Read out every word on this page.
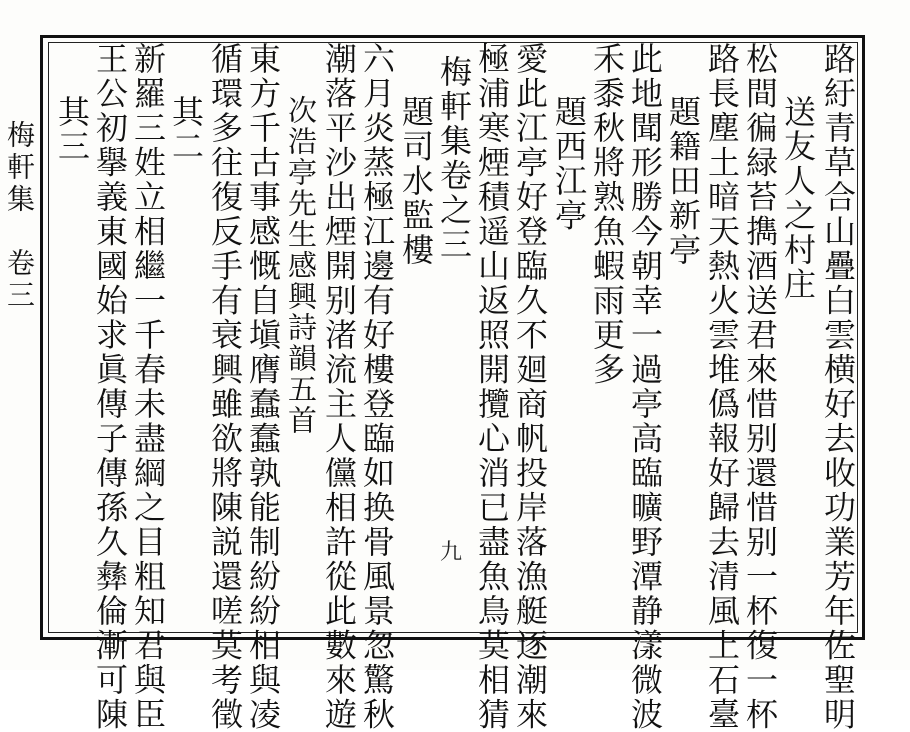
梅軒集　卷三	路紆青草合山疊白雲横好去收功業芳年佐聖明
送友人之村庄
松間徧緑苔擕酒送君來惜别還惜别一杯復一杯
路長塵土暗天熱火雲堆僞報好歸去清風上石臺
題籍田新亭
此地聞形勝今朝幸一過亭高臨曠野潭静漾微波
禾黍秋將熟魚蝦雨更多
題西江亭
愛此江亭好登臨久不廻商帆投岸落漁艇逐潮來
極浦寒煙積遥山返照開攬心消已盡魚鳥莫相猜
梅軒集卷之三
題司水監樓
六月炎蒸極江邊有好樓登臨如换骨風景忽驚秋
潮落平沙出煙開别渚流主人儻相許從此數來遊
次浩亭先生感興詩韻五首
東方千古事感慨自塡膺蠢蠢孰能制紛紛相與凌
循環多往復反手有衰興雖欲將陳説還嗟莫考徵
其二
新羅三姓立相繼一千春未盡綱之目粗知君與臣
王公初擧義東國始求眞傳子傳孫久彝倫漸可陳
其三
九
